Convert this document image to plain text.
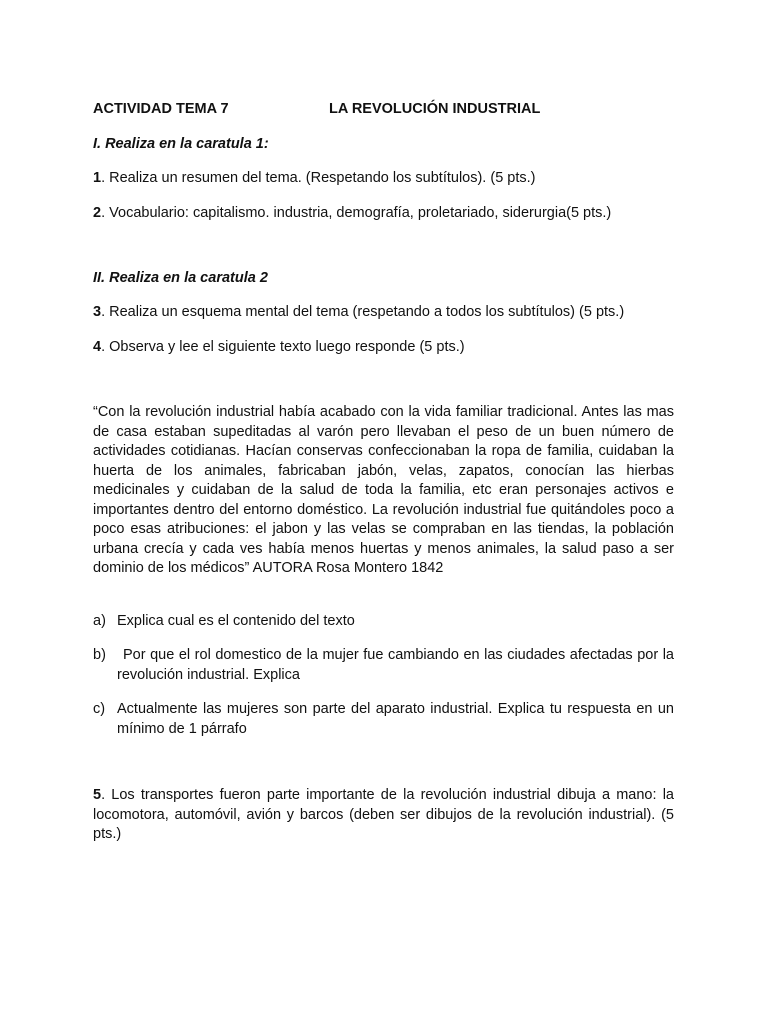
ACTIVIDAD TEMA 7	LA REVOLUCIÓN INDUSTRIAL

I. Realiza en la caratula 1:

1. Realiza un resumen del tema. (Respetando los subtítulos). (5 pts.)

2. Vocabulario: capitalismo. industria, demografía, proletariado, siderurgia(5 pts.)

II. Realiza en la caratula 2

3. Realiza un esquema mental del tema (respetando a todos los subtítulos) (5 pts.)

4. Observa y lee el siguiente texto luego responde (5 pts.)

“Con la revolución industrial había acabado con la vida familiar tradicional. Antes las mas de casa estaban supeditadas al varón pero llevaban el peso de un buen número de actividades cotidianas. Hacían conservas confeccionaban la ropa de familia, cuidaban la huerta de los animales, fabricaban jabón, velas, zapatos, conocían las hierbas medicinales y cuidaban de la salud de toda la familia, etc eran personajes activos e importantes dentro del entorno doméstico. La revolución industrial fue quitándoles poco a poco esas atribuciones: el jabon y las velas se compraban en las tiendas, la población urbana crecía y cada ves había menos huertas y menos animales, la salud paso a ser dominio de los médicos” AUTORA Rosa Montero 1842

a) Explica cual es el contenido del texto
b)	Por que el rol domestico de la mujer fue cambiando en las ciudades afectadas por la revolución industrial. Explica
c) Actualmente las mujeres son parte del aparato industrial. Explica tu respuesta en un mínimo de 1 párrafo

5. Los transportes fueron parte importante de la revolución industrial dibuja a mano: la locomotora, automóvil, avión y barcos (deben ser dibujos de la revolución industrial). (5 pts.)
